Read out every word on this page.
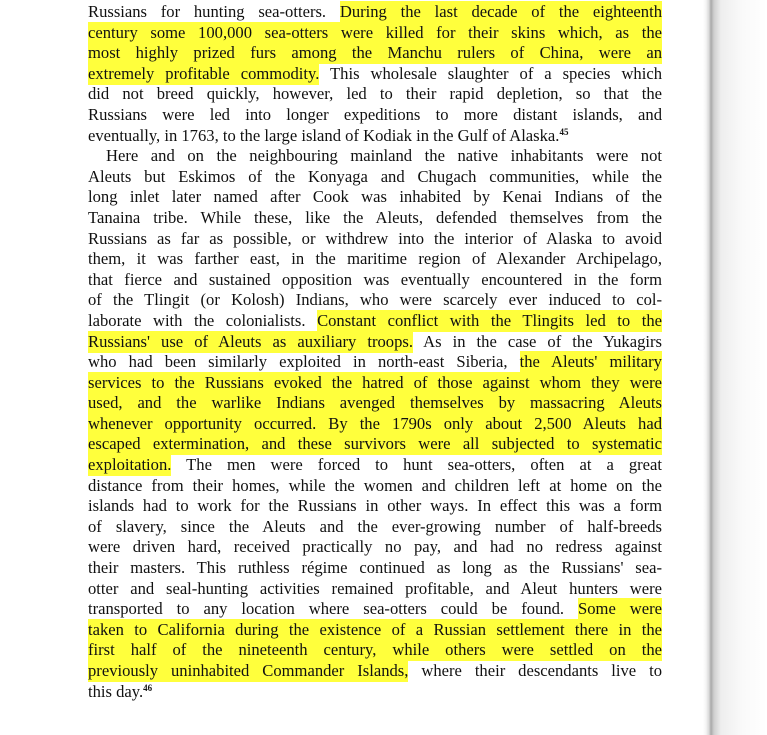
Russians for hunting sea-otters. During the last decade of the eighteenth
century some 100,000 sea-otters were killed for their skins which, as the
most highly prized furs among the Manchu rulers of China, were an
extremely profitable commodity. This wholesale slaughter of a species which
did not breed quickly, however, led to their rapid depletion, so that the
Russians were led into longer expeditions to more distant islands, and
eventually, in 1763, to the large island of Kodiak in the Gulf of Alaska.$^{45}$
Here and on the neighbouring mainland the native inhabitants were not
Aleuts but Eskimos of the Konyaga and Chugach communities, while the
long inlet later named after Cook was inhabited by Kenai Indians of the
Tanaina tribe. While these, like the Aleuts, defended themselves from the
Russians as far as possible, or withdrew into the interior of Alaska to avoid
them, it was farther east, in the maritime region of Alexander Archipelago,
that fierce and sustained opposition was eventually encountered in the form
of the Tlingit (or Kolosh) Indians, who were scarcely ever induced to col-
laborate with the colonialists. Constant conflict with the Tlingits led to the
Russians' use of Aleuts as auxiliary troops. As in the case of the Yukagirs
who had been similarly exploited in north-east Siberia, the Aleuts' military
services to the Russians evoked the hatred of those against whom they were
used, and the warlike Indians avenged themselves by massacring Aleuts
whenever opportunity occurred. By the 1790s only about 2,500 Aleuts had
escaped extermination, and these survivors were all subjected to systematic
exploitation. The men were forced to hunt sea-otters, often at a great
distance from their homes, while the women and children left at home on the
islands had to work for the Russians in other ways. In effect this was a form
of slavery, since the Aleuts and the ever-growing number of half-breeds
were driven hard, received practically no pay, and had no redress against
their masters. This ruthless régime continued as long as the Russians' sea-
otter and seal-hunting activities remained profitable, and Aleut hunters were
transported to any location where sea-otters could be found. Some were
taken to California during the existence of a Russian settlement there in the
first half of the nineteenth century, while others were settled on the
previously uninhabited Commander Islands, where their descendants live to
this day.$^{46}$
